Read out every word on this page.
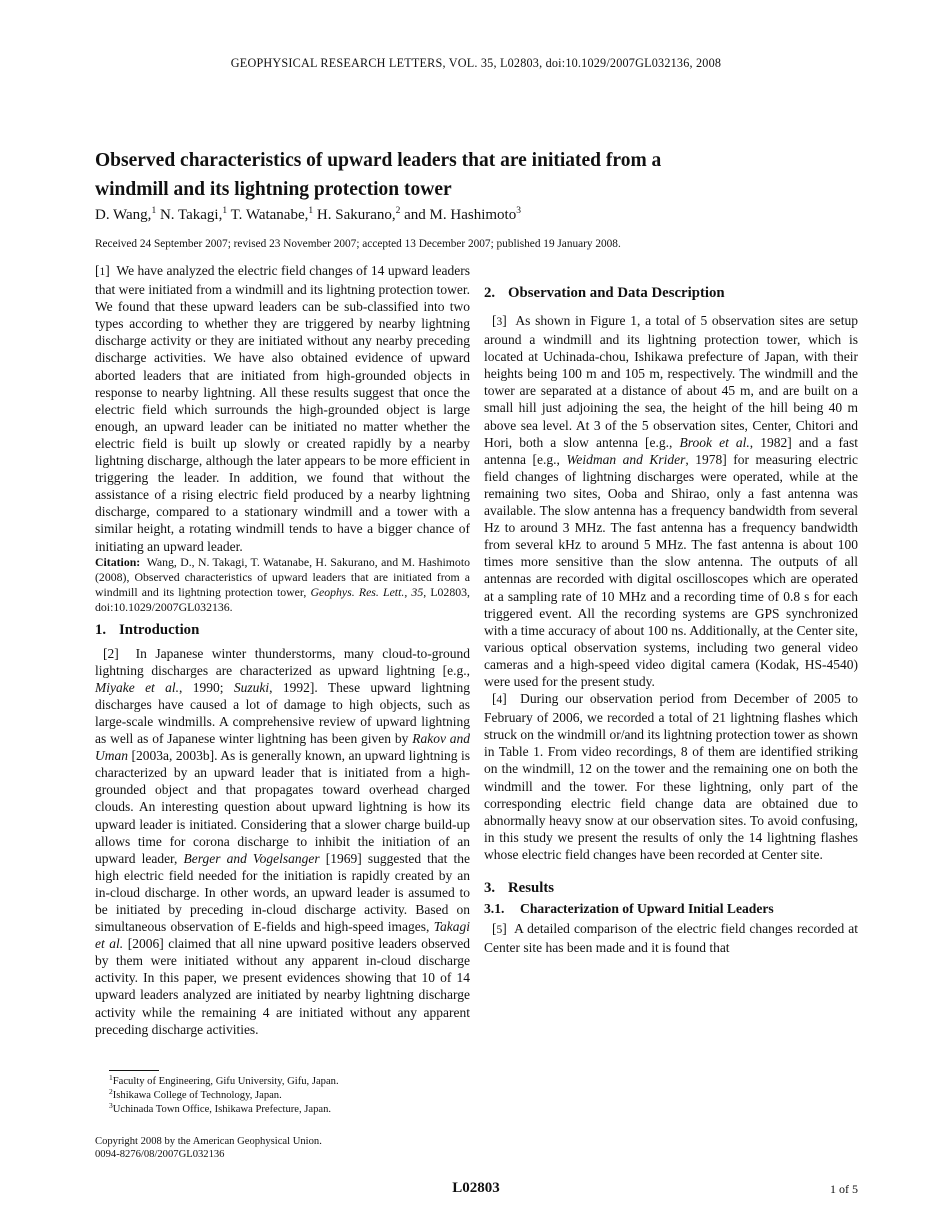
GEOPHYSICAL RESEARCH LETTERS, VOL. 35, L02803, doi:10.1029/2007GL032136, 2008
Observed characteristics of upward leaders that are initiated from a
windmill and its lightning protection tower
D. Wang,$^1$ N. Takagi,$^1$ T. Watanabe,$^1$ H. Sakurano,$^2$ and M. Hashimoto$^3$
Received 24 September 2007; revised 23 November 2007; accepted 13 December 2007; published 19 January 2008.

[1]  We have analyzed the electric field changes of 14 upward leaders that were initiated from a windmill and its lightning protection tower. We found that these upward leaders can be sub-classified into two types according to whether they are triggered by nearby lightning discharge activity or they are initiated without any nearby preceding discharge activities. We have also obtained evidence of upward aborted leaders that are initiated from high-grounded objects in response to nearby lightning. All these results suggest that once the electric field which surrounds the high-grounded object is large enough, an upward leader can be initiated no matter whether the electric field is built up slowly or created rapidly by a nearby lightning discharge, although the later appears to be more efficient in triggering the leader. In addition, we found that without the assistance of a rising electric field produced by a nearby lightning discharge, compared to a stationary windmill and a tower with a similar height, a rotating windmill tends to have a bigger chance of initiating an upward leader.

Citation: Wang, D., N. Takagi, T. Watanabe, H. Sakurano, and M. Hashimoto (2008), Observed characteristics of upward leaders that are initiated from a windmill and its lightning protection tower, Geophys. Res. Lett., 35, L02803, doi:10.1029/2007GL032136.

1. Introduction

[2]  In Japanese winter thunderstorms, many cloud-to-ground lightning discharges are characterized as upward lightning [e.g., Miyake et al., 1990; Suzuki, 1992]. These upward lightning discharges have caused a lot of damage to high objects, such as large-scale windmills. A comprehensive review of upward lightning as well as of Japanese winter lightning has been given by Rakov and Uman [2003a, 2003b]. As is generally known, an upward lightning is characterized by an upward leader that is initiated from a high-grounded object and that propagates toward overhead charged clouds. An interesting question about upward lightning is how its upward leader is initiated. Considering that a slower charge build-up allows time for corona discharge to inhibit the initiation of an upward leader, Berger and Vogelsanger [1969] suggested that the high electric field needed for the initiation is rapidly created by an in-cloud discharge. In other words, an upward leader is assumed to be initiated by preceding in-cloud discharge activity. Based on simultaneous observation of E-fields and high-speed images, Takagi et al. [2006] claimed that all nine upward positive leaders observed by them were initiated without any apparent in-cloud discharge activity. In this paper, we present evidences showing that 10 of 14 upward leaders analyzed are initiated by nearby lightning discharge activity while the remaining 4 are initiated without any apparent preceding discharge activities.

2. Observation and Data Description

[3]  As shown in Figure 1, a total of 5 observation sites are setup around a windmill and its lightning protection tower, which is located at Uchinada-chou, Ishikawa prefecture of Japan, with their heights being 100 m and 105 m, respectively. The windmill and the tower are separated at a distance of about 45 m, and are built on a small hill just adjoining the sea, the height of the hill being 40 m above sea level. At 3 of the 5 observation sites, Center, Chitori and Hori, both a slow antenna [e.g., Brook et al., 1982] and a fast antenna [e.g., Weidman and Krider, 1978] for measuring electric field changes of lightning discharges were operated, while at the remaining two sites, Ooba and Shirao, only a fast antenna was available. The slow antenna has a frequency bandwidth from several Hz to around 3 MHz. The fast antenna has a frequency bandwidth from several kHz to around 5 MHz. The fast antenna is about 100 times more sensitive than the slow antenna. The outputs of all antennas are recorded with digital oscilloscopes which are operated at a sampling rate of 10 MHz and a recording time of 0.8 s for each triggered event. All the recording systems are GPS synchronized with a time accuracy of about 100 ns. Additionally, at the Center site, various optical observation systems, including two general video cameras and a high-speed video digital camera (Kodak, HS-4540) were used for the present study.

[4]  During our observation period from December of 2005 to February of 2006, we recorded a total of 21 lightning flashes which struck on the windmill or/and its lightning protection tower as shown in Table 1. From video recordings, 8 of them are identified striking on the windmill, 12 on the tower and the remaining one on both the windmill and the tower. For these lightning, only part of the corresponding electric field change data are obtained due to abnormally heavy snow at our observation sites. To avoid confusing, in this study we present the results of only the 14 lightning flashes whose electric field changes have been recorded at Center site.

3. Results
3.1. Characterization of Upward Initial Leaders

[5]  A detailed comparison of the electric field changes recorded at Center site has been made and it is found that

$^1$Faculty of Engineering, Gifu University, Gifu, Japan.
$^2$Ishikawa College of Technology, Japan.
$^3$Uchinada Town Office, Ishikawa Prefecture, Japan.
Copyright 2008 by the American Geophysical Union.
0094-8276/08/2007GL032136
L02803	1 of 5
